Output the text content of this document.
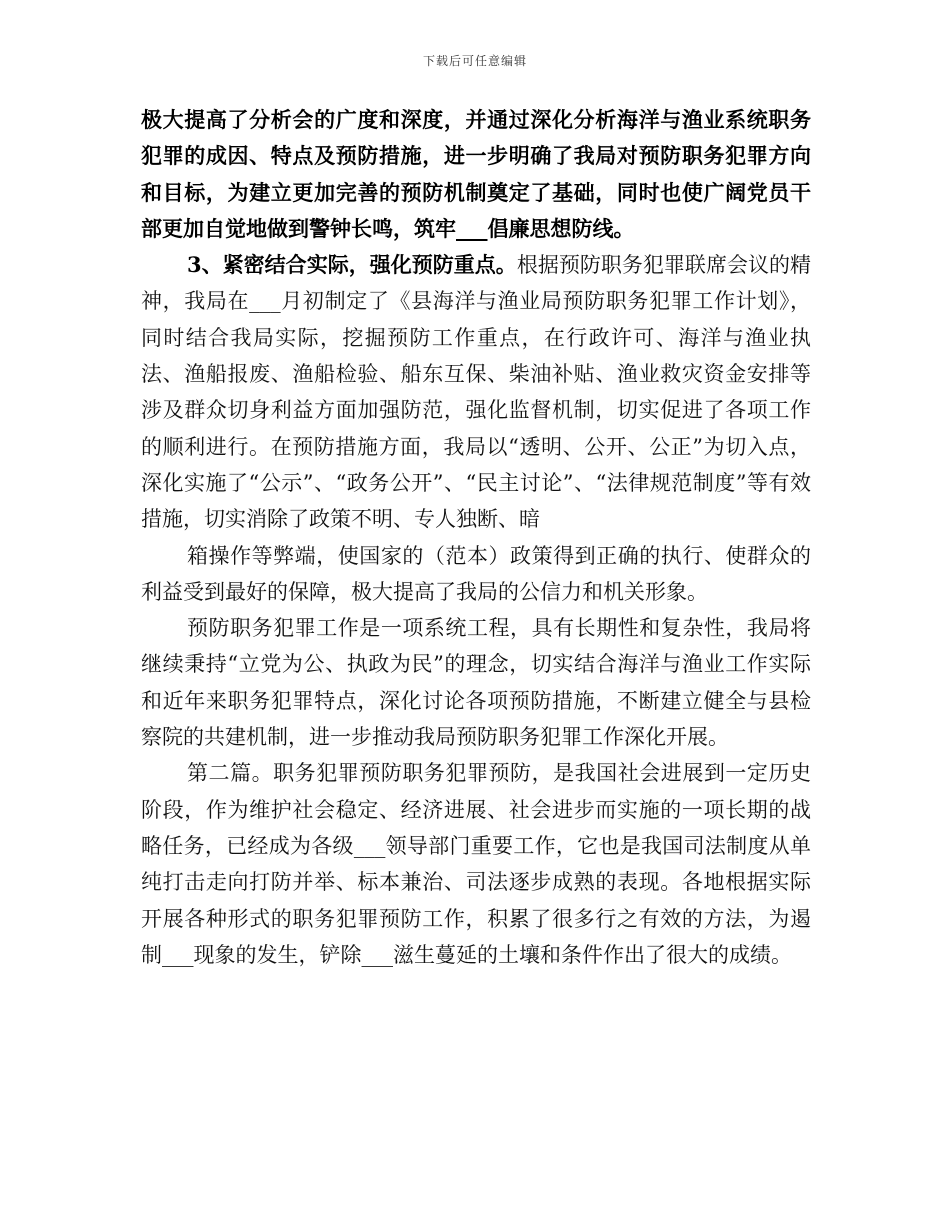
下载后可任意编辑

极大提高了分析会的广度和深度，并通过深化分析海洋与渔业系统职务犯罪的成因、特点及预防措施，进一步明确了我局对预防职务犯罪方向和目标，为建立更加完善的预防机制奠定了基础，同时也使广阔党员干部更加自觉地做到警钟长鸣，筑牢___倡廉思想防线。

3、紧密结合实际，强化预防重点。根据预防职务犯罪联席会议的精神，我局在___月初制定了《县海洋与渔业局预防职务犯罪工作计划》，同时结合我局实际，挖掘预防工作重点，在行政许可、海洋与渔业执法、渔船报废、渔船检验、船东互保、柴油补贴、渔业救灾资金安排等涉及群众切身利益方面加强防范，强化监督机制，切实促进了各项工作的顺利进行。在预防措施方面，我局以“透明、公开、公正”为切入点，深化实施了“公示”、“政务公开”、“民主讨论”、“法律规范制度”等有效措施，切实消除了政策不明、专人独断、暗

箱操作等弊端，使国家的（范本）政策得到正确的执行、使群众的利益受到最好的保障，极大提高了我局的公信力和机关形象。

预防职务犯罪工作是一项系统工程，具有长期性和复杂性，我局将继续秉持“立党为公、执政为民”的理念，切实结合海洋与渔业工作实际和近年来职务犯罪特点，深化讨论各项预防措施，不断建立健全与县检察院的共建机制，进一步推动我局预防职务犯罪工作深化开展。

第二篇。职务犯罪预防职务犯罪预防，是我国社会进展到一定历史阶段，作为维护社会稳定、经济进展、社会进步而实施的一项长期的战略任务，已经成为各级___领导部门重要工作，它也是我国司法制度从单纯打击走向打防并举、标本兼治、司法逐步成熟的表现。各地根据实际开展各种形式的职务犯罪预防工作，积累了很多行之有效的方法，为遏制___现象的发生，铲除___滋生蔓延的土壤和条件作出了很大的成绩。
